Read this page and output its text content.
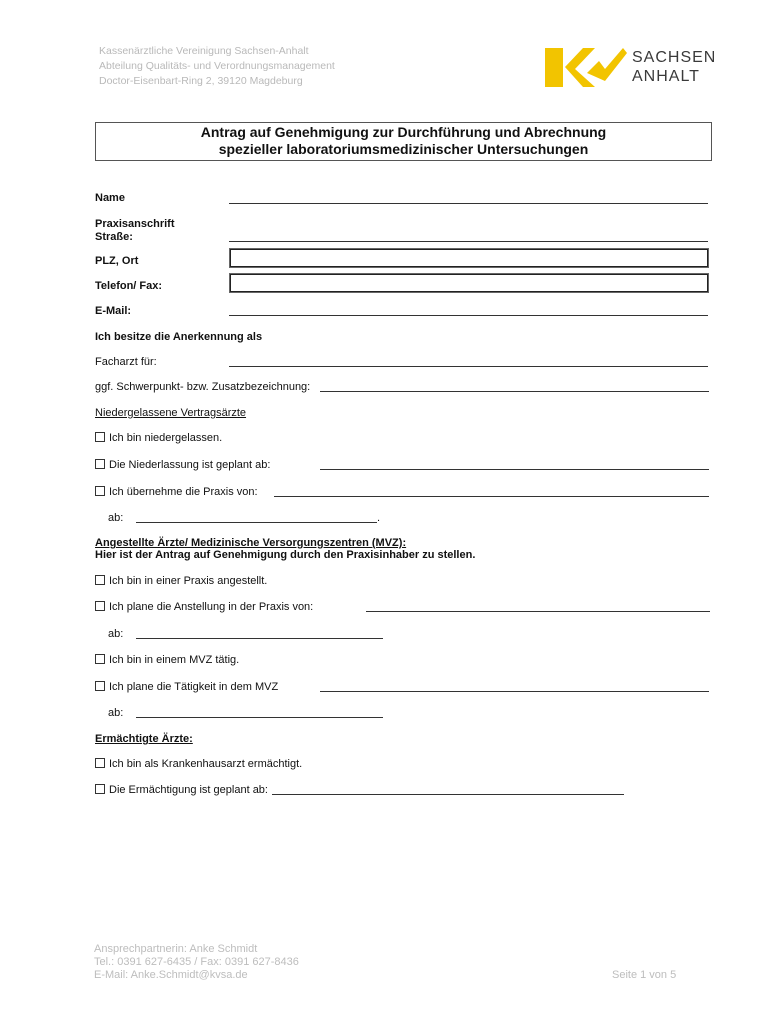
Kassenärztliche Vereinigung Sachsen-Anhalt
Abteilung Qualitäts- und Verordnungsmanagement
Doctor-Eisenbart-Ring 2, 39120 Magdeburg
SACHSEN
ANHALT
Antrag auf Genehmigung zur Durchführung und Abrechnung
spezieller laboratoriumsmedizinischer Untersuchungen
Name
Praxisanschrift
Straße:
PLZ, Ort
Telefon/ Fax:
E-Mail:
Ich besitze die Anerkennung als
Facharzt für:
ggf. Schwerpunkt- bzw. Zusatzbezeichnung:
Niedergelassene Vertragsärzte
Ich bin niedergelassen.
Die Niederlassung ist geplant ab:
Ich übernehme die Praxis von:
ab:	.
Angestellte Ärzte/ Medizinische Versorgungszentren (MVZ):
Hier ist der Antrag auf Genehmigung durch den Praxisinhaber zu stellen.
Ich bin in einer Praxis angestellt.
Ich plane die Anstellung in der Praxis von:
ab:
Ich bin in einem MVZ tätig.
Ich plane die Tätigkeit in dem MVZ
ab:
Ermächtigte Ärzte:
Ich bin als Krankenhausarzt ermächtigt.
Die Ermächtigung ist geplant ab:
Ansprechpartnerin: Anke Schmidt
Tel.: 0391 627-6435 / Fax: 0391 627-8436
E-Mail: Anke.Schmidt@kvsa.de	Seite 1 von 5
